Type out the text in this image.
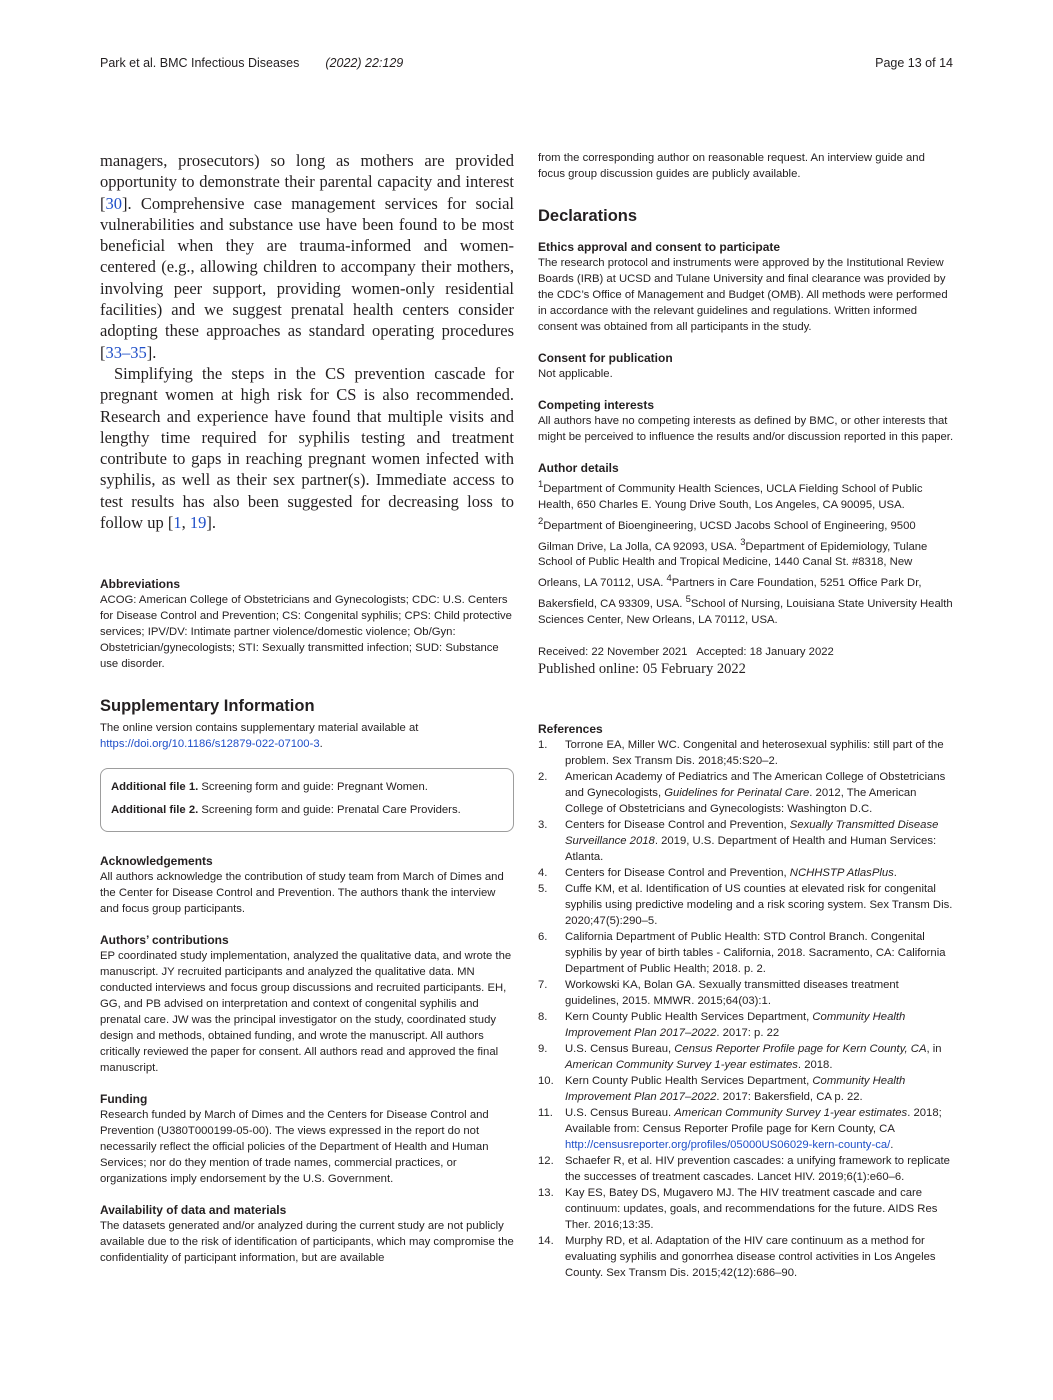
Park et al. BMC Infectious Diseases (2022) 22:129	Page 13 of 14

managers, prosecutors) so long as mothers are provided opportunity to demonstrate their parental capacity and interest [30]. Comprehensive case management services for social vulnerabilities and substance use have been found to be most beneficial when they are trauma-informed and women-centered (e.g., allowing children to accompany their mothers, involving peer support, providing women-only residential facilities) and we suggest prenatal health centers consider adopting these approaches as standard operating procedures [33–35].

Simplifying the steps in the CS prevention cascade for pregnant women at high risk for CS is also recommended. Research and experience have found that multiple visits and lengthy time required for syphilis testing and treatment contribute to gaps in reaching pregnant women infected with syphilis, as well as their sex partner(s). Immediate access to test results has also been suggested for decreasing loss to follow up [1, 19].

Abbreviations

ACOG: American College of Obstetricians and Gynecologists; CDC: U.S. Centers for Disease Control and Prevention; CS: Congenital syphilis; CPS: Child protective services; IPV/DV: Intimate partner violence/domestic violence; Ob/Gyn: Obstetrician/gynecologists; STI: Sexually transmitted infection; SUD: Substance use disorder.

Supplementary Information

The online version contains supplementary material available at https://doi.org/10.1186/s12879-022-07100-3.

Additional file 1. Screening form and guide: Pregnant Women.
Additional file 2. Screening form and guide: Prenatal Care Providers.

Acknowledgements

All authors acknowledge the contribution of study team from March of Dimes and the Center for Disease Control and Prevention. The authors thank the interview and focus group participants.

Authors’ contributions

EP coordinated study implementation, analyzed the qualitative data, and wrote the manuscript. JY recruited participants and analyzed the qualitative data. MN conducted interviews and focus group discussions and recruited participants. EH, GG, and PB advised on interpretation and context of congenital syphilis and prenatal care. JW was the principal investigator on the study, coordinated study design and methods, obtained funding, and wrote the manuscript. All authors critically reviewed the paper for consent. All authors read and approved the final manuscript.

Funding

Research funded by March of Dimes and the Centers for Disease Control and Prevention (U380T000199-05-00). The views expressed in the report do not necessarily reflect the official policies of the Department of Health and Human Services; nor do they mention of trade names, commercial practices, or organizations imply endorsement by the U.S. Government.

Availability of data and materials

The datasets generated and/or analyzed during the current study are not publicly available due to the risk of identification of participants, which may compromise the confidentiality of participant information, but are available

from the corresponding author on reasonable request. An interview guide and focus group discussion guides are publicly available.

Declarations

Ethics approval and consent to participate

The research protocol and instruments were approved by the Institutional Review Boards (IRB) at UCSD and Tulane University and final clearance was provided by the CDC’s Office of Management and Budget (OMB). All methods were performed in accordance with the relevant guidelines and regulations. Written informed consent was obtained from all participants in the study.

Consent for publication

Not applicable.

Competing interests

All authors have no competing interests as defined by BMC, or other interests that might be perceived to influence the results and/or discussion reported in this paper.

Author details

$^1$Department of Community Health Sciences, UCLA Fielding School of Public Health, 650 Charles E. Young Drive South, Los Angeles, CA 90095, USA. $^2$Department of Bioengineering, UCSD Jacobs School of Engineering, 9500 Gilman Drive, La Jolla, CA 92093, USA. $^3$Department of Epidemiology, Tulane School of Public Health and Tropical Medicine, 1440 Canal St. #8318, New Orleans, LA 70112, USA. $^4$Partners in Care Foundation, 5251 Office Park Dr, Bakersfield, CA 93309, USA. $^5$School of Nursing, Louisiana State University Health Sciences Center, New Orleans, LA 70112, USA.

Received: 22 November 2021   Accepted: 18 January 2022

Published online: 05 February 2022

References

1.	Torrone EA, Miller WC. Congenital and heterosexual syphilis: still part of the problem. Sex Transm Dis. 2018;45:S20–2.
2.	American Academy of Pediatrics and The American College of Obstetricians and Gynecologists, Guidelines for Perinatal Care. 2012, The American College of Obstetricians and Gynecologists: Washington D.C.
3.	Centers for Disease Control and Prevention, Sexually Transmitted Disease Surveillance 2018. 2019, U.S. Department of Health and Human Services: Atlanta.
4.	Centers for Disease Control and Prevention, NCHHSTP AtlasPlus.
5.	Cuffe KM, et al. Identification of US counties at elevated risk for congenital syphilis using predictive modeling and a risk scoring system. Sex Transm Dis. 2020;47(5):290–5.
6.	California Department of Public Health: STD Control Branch. Congenital syphilis by year of birth tables - California, 2018. Sacramento, CA: California Department of Public Health; 2018. p. 2.
7.	Workowski KA, Bolan GA. Sexually transmitted diseases treatment guidelines, 2015. MMWR. 2015;64(03):1.
8.	Kern County Public Health Services Department, Community Health Improvement Plan 2017–2022. 2017: p. 22
9.	U.S. Census Bureau, Census Reporter Profile page for Kern County, CA, in American Community Survey 1-year estimates. 2018.
10. Kern County Public Health Services Department, Community Health Improvement Plan 2017–2022. 2017: Bakersfield, CA p. 22.
11.	U.S. Census Bureau. American Community Survey 1-year estimates. 2018; Available from: Census Reporter Profile page for Kern County, CA http://censusreporter.org/profiles/05000US06029-kern-county-ca/.
12. Schaefer R, et al. HIV prevention cascades: a unifying framework to replicate the successes of treatment cascades. Lancet HIV. 2019;6(1):e60–6.
13. Kay ES, Batey DS, Mugavero MJ. The HIV treatment cascade and care continuum: updates, goals, and recommendations for the future. AIDS Res Ther. 2016;13:35.
14. Murphy RD, et al. Adaptation of the HIV care continuum as a method for evaluating syphilis and gonorrhea disease control activities in Los Angeles County. Sex Transm Dis. 2015;42(12):686–90.
